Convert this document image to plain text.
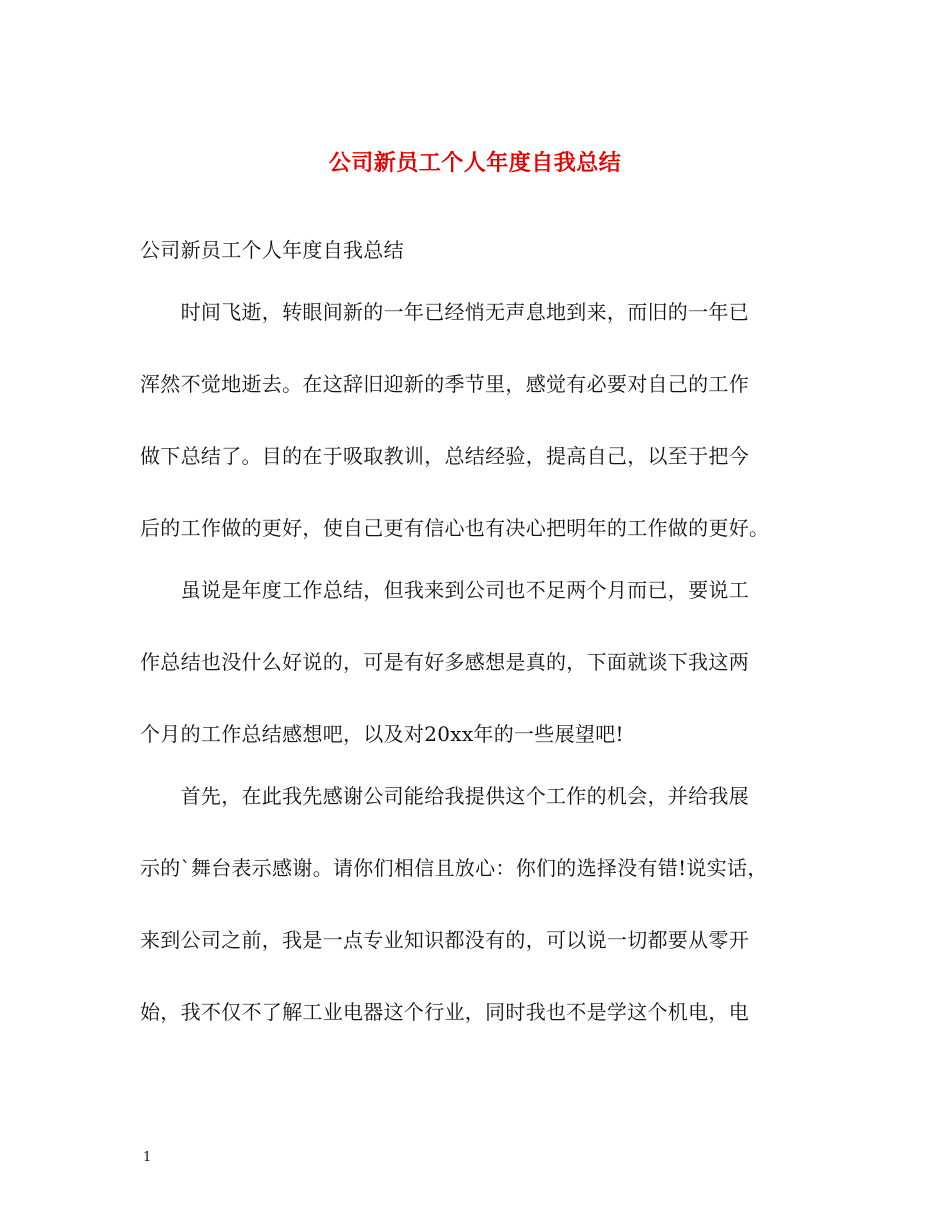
公司新员工个人年度自我总结
公司新员工个人年度自我总结
　　时间飞逝，转眼间新的一年已经悄无声息地到来，而旧的一年已
浑然不觉地逝去。在这辞旧迎新的季节里，感觉有必要对自己的工作
做下总结了。目的在于吸取教训，总结经验，提高自己，以至于把今
后的工作做的更好，使自己更有信心也有决心把明年的工作做的更好。
　　虽说是年度工作总结，但我来到公司也不足两个月而已，要说工
作总结也没什么好说的，可是有好多感想是真的，下面就谈下我这两
个月的工作总结感想吧，以及对20xx年的一些展望吧!
　　首先，在此我先感谢公司能给我提供这个工作的机会，并给我展
示的`舞台表示感谢。请你们相信且放心：你们的选择没有错!说实话，
来到公司之前，我是一点专业知识都没有的，可以说一切都要从零开
始，我不仅不了解工业电器这个行业，同时我也不是学这个机电，电
1
